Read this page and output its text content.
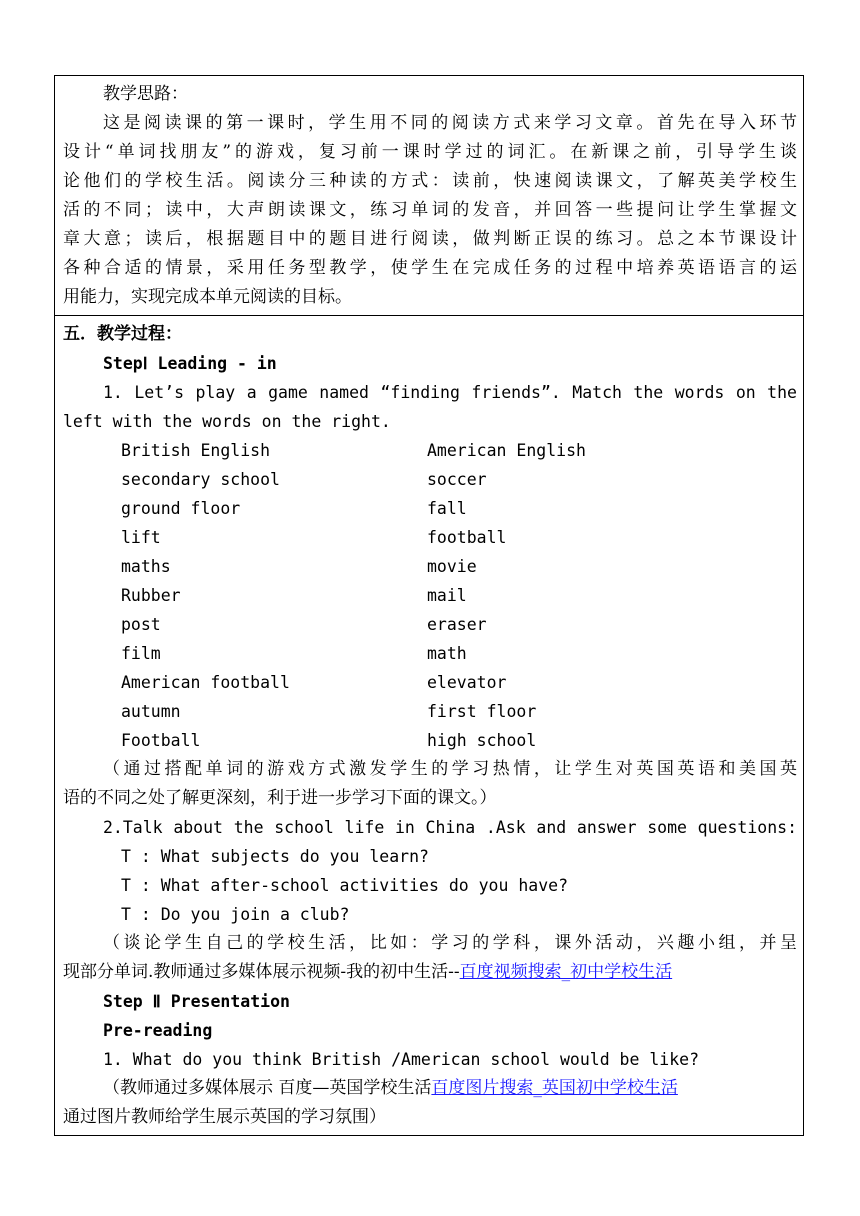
教学思路：
这是阅读课的第一课时，学生用不同的阅读方式来学习文章。首先在导入环节
设计“单词找朋友”的游戏，复习前一课时学过的词汇。在新课之前，引导学生谈
论他们的学校生活。阅读分三种读的方式：读前，快速阅读课文，了解英美学校生
活的不同；读中，大声朗读课文，练习单词的发音，并回答一些提问让学生掌握文
章大意；读后，根据题目中的题目进行阅读，做判断正误的练习。总之本节课设计
各种合适的情景，采用任务型教学，使学生在完成任务的过程中培养英语语言的运
用能力，实现完成本单元阅读的目标。
五．教学过程：
StepⅠ Leading - in
1. Let’s play a game named “finding friends”. Match the words on the
left with the words on the right.
British English	American English
secondary school	soccer
ground floor	fall
lift	football
maths	movie
Rubber	mail
post	eraser
film	math
American football	elevator
autumn	first floor
Football	high school
（通过搭配单词的游戏方式激发学生的学习热情，让学生对英国英语和美国英
语的不同之处了解更深刻，利于进一步学习下面的课文。）
2.Talk about the school life in China .Ask and answer some questions:
T : What subjects do you learn?
T : What after-school activities do you have?
T : Do you join a club?
（谈论学生自己的学校生活，比如：学习的学科，课外活动，兴趣小组，并呈
现部分单词.教师通过多媒体展示视频-我的初中生活--百度视频搜索_初中学校生活
Step Ⅱ Presentation
Pre-reading
1. What do you think British /American school would be like?
（教师通过多媒体展示 百度—英国学校生活百度图片搜索_英国初中学校生活
通过图片教师给学生展示英国的学习氛围）
